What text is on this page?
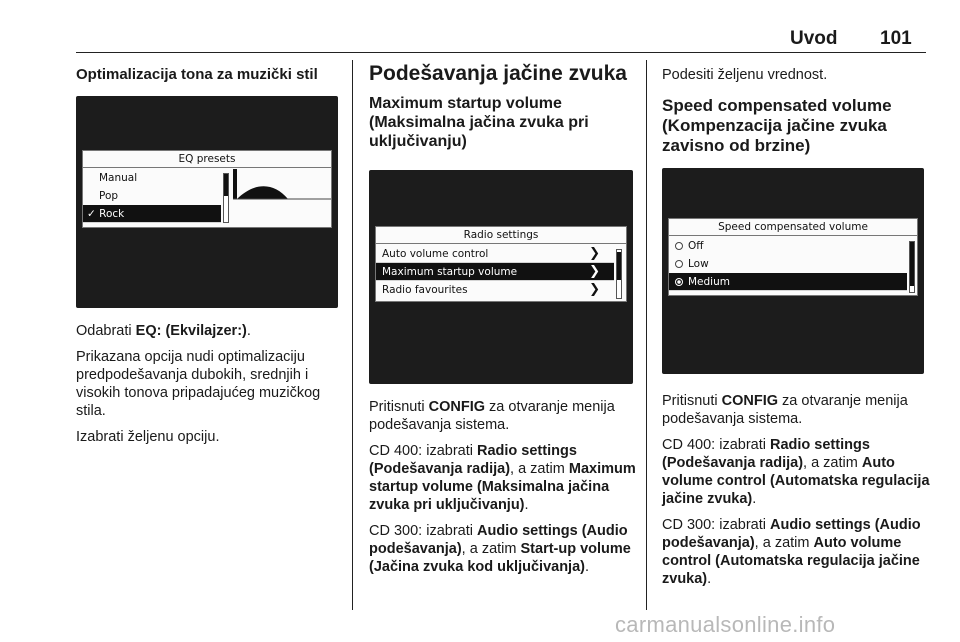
Uvod 101
Optimalizacija tona za muzički stil
EQ presets
Manual
Pop
✓ Rock

Odabrati EQ: (Ekvilajzer:).

Prikazana opcija nudi optimalizaciju predpodešavanja dubokih, srednjih i visokih tonova pripadajućeg muzičkog stila.

Izabrati željenu opciju.

Podešavanja jačine zvuka
Maximum startup volume (Maksimalna jačina zvuka pri uključivanju)
Radio settings
Auto volume control	❯
Maximum startup volume	❯
Radio favourites	❯

Pritisnuti CONFIG za otvaranje menija podešavanja sistema.

CD 400: izabrati Radio settings (Podešavanja radija), a zatim Maximum startup volume (Maksimalna jačina zvuka pri uključivanju).

CD 300: izabrati Audio settings (Audio podešavanja), a zatim Start-up volume (Jačina zvuka kod uključivanja).

Podesiti željenu vrednost.

Speed compensated volume (Kompenzacija jačine zvuka zavisno od brzine)
Speed compensated volume
Off
Low
Medium

Pritisnuti CONFIG za otvaranje menija podešavanja sistema.

CD 400: izabrati Radio settings (Podešavanja radija), a zatim Auto volume control (Automatska regulacija jačine zvuka).

CD 300: izabrati Audio settings (Audio podešavanja), a zatim Auto volume control (Automatska regulacija jačine zvuka).

carmanualsonline.info
